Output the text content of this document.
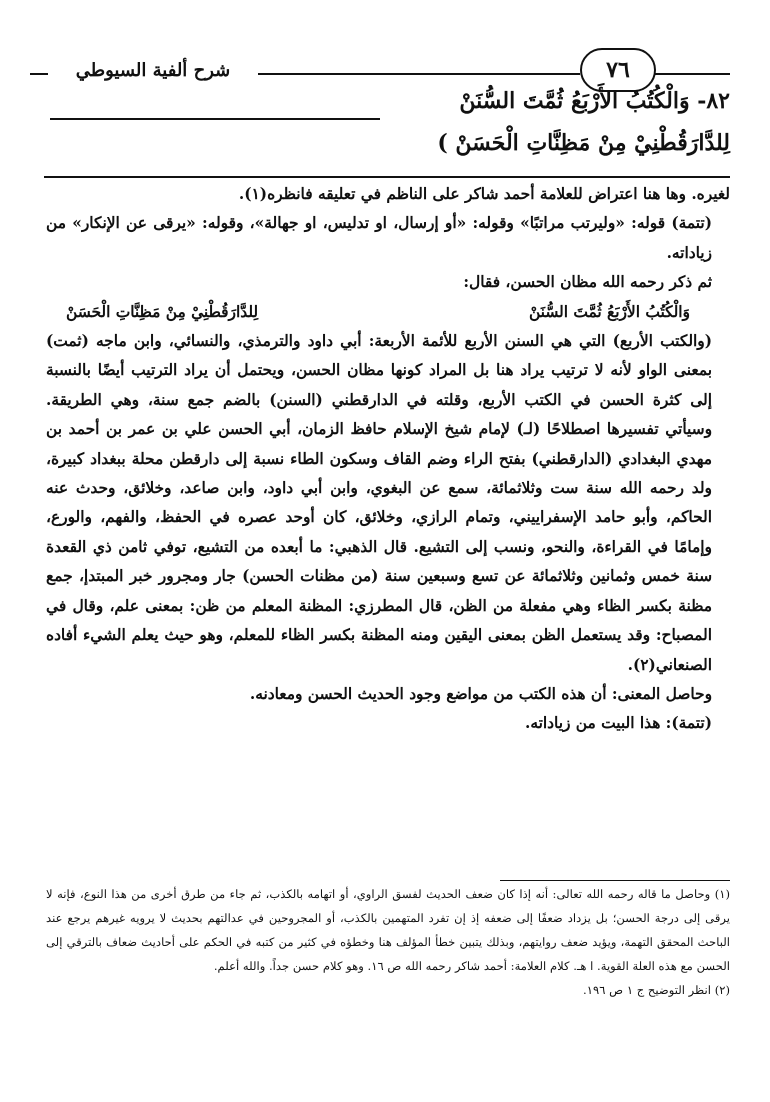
شرح ألفية السيوطي	٧٦
٨٢- وَالْكُتُبُ الأَرْبَعُ ثُمَّتَ السُّنَنْ
لِلدَّارَقُطْنِيْ مِنْ مَظِنَّاتِ الْحَسَنْ )

لغيره. وها هنا اعتراض للعلامة أحمد شاكر على الناظم في تعليقه فانظره(١).

(تتمة) قوله: «وليرتب مراتبًا» وقوله: «أو إرسال، او تدليس، او جهالة»، وقوله: «يرقى عن الإنكار» من زياداته.

ثم ذكر رحمه الله مظان الحسن، فقال:

وَالْكُتُبُ الأَرْبَعُ ثُمَّتَ السُّنَنْ
لِلدَّارَقُطْنِيْ مِنْ مَظِنَّاتِ الْحَسَنْ

(والكتب الأربع) التي هي السنن الأربع للأئمة الأربعة: أبي داود والترمذي، والنسائي، وابن ماجه (ثمت) بمعنى الواو لأنه لا ترتيب يراد هنا بل المراد كونها مظان الحسن، ويحتمل أن يراد الترتيب أيضًا بالنسبة إلى كثرة الحسن في الكتب الأربع، وقلته في الدارقطني (السنن) بالضم جمع سنة، وهي الطريقة. وسيأتي تفسيرها اصطلاحًا (لـ) لإمام شيخ الإسلام حافظ الزمان، أبي الحسن علي بن عمر بن أحمد بن مهدي البغدادي (الدارقطني) بفتح الراء وضم القاف وسكون الطاء نسبة إلى دارقطن محلة ببغداد كبيرة، ولد رحمه الله سنة ست وثلاثمائة، سمع عن البغوي، وابن أبي داود، وابن صاعد، وخلائق، وحدث عنه الحاكم، وأبو حامد الإسفراييني، وتمام الرازي، وخلائق، كان أوحد عصره في الحفظ، والفهم، والورع، وإمامًا في القراءة، والنحو، ونسب إلى التشيع. قال الذهبي: ما أبعده من التشيع، توفي ثامن ذي القعدة سنة خمس وثمانين وثلاثمائة عن تسع وسبعين سنة (من مظنات الحسن) جار ومجرور خبر المبتدإ، جمع مظنة بكسر الظاء وهي مفعلة من الظن، قال المطرزي: المظنة المعلم من ظن: بمعنى علم، وقال في المصباح: وقد يستعمل الظن بمعنى اليقين ومنه المظنة بكسر الظاء للمعلم، وهو حيث يعلم الشيء أفاده الصنعاني(٢).

وحاصل المعنى: أن هذه الكتب من مواضع وجود الحديث الحسن ومعادنه.

(تتمة): هذا البيت من زياداته.

(١) وحاصل ما قاله رحمه الله تعالى: أنه إذا كان ضعف الحديث لفسق الراوي، أو اتهامه بالكذب، ثم جاء من طرق أخرى من هذا النوع، فإنه لا يرقى إلى درجة الحسن؛ بل يزداد ضعفًا إلى ضعفه إذ إن تفرد المتهمين بالكذب، أو المجروحين في عدالتهم بحديث لا يرويه غيرهم يرجع عند الباحث المحقق التهمة، ويؤيد ضعف روايتهم، وبذلك يتبين خطأ المؤلف هنا وخطؤه في كثير من كتبه في الحكم على أحاديث ضعاف بالترقي إلى الحسن مع هذه العلة القوية. ا هـ. كلام العلامة: أحمد شاكر رحمه الله ص ١٦. وهو كلام حسن جداً. والله أعلم.

(٢) انظر التوضيح ج ١ ص ١٩٦.
